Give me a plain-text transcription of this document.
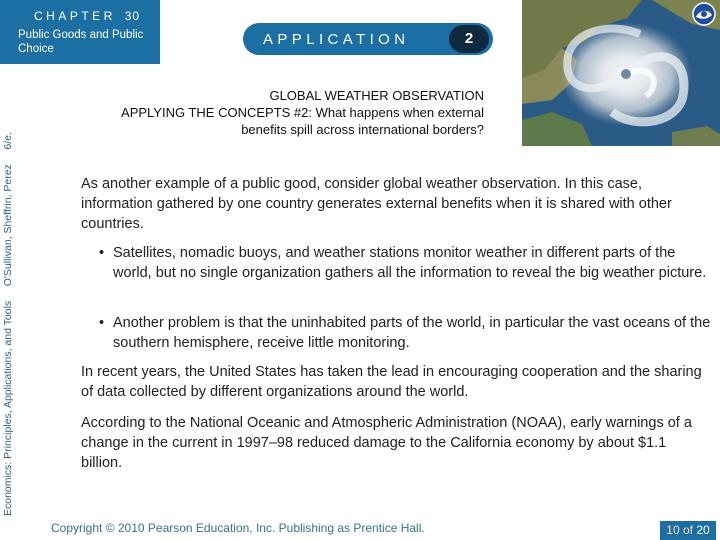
CHAPTER 30
Public Goods and Public Choice
Economics: Principles, Applications, and Tools     O'Sullivan, Sheffrin, Perez     6/e.
APPLICATION	2
GLOBAL WEATHER OBSERVATION
APPLYING THE CONCEPTS #2: What happens when external benefits spill across international borders?

As another example of a public good, consider global weather observation. In this case, information gathered by one country generates external benefits when it is shared with other countries.

• Satellites, nomadic buoys, and weather stations monitor weather in different parts of the world, but no single organization gathers all the information to reveal the big weather picture.
• Another problem is that the uninhabited parts of the world, in particular the vast oceans of the southern hemisphere, receive little monitoring.

In recent years, the United States has taken the lead in encouraging cooperation and the sharing of data collected by different organizations around the world.

According to the National Oceanic and Atmospheric Administration (NOAA), early warnings of a change in the current in 1997–98 reduced damage to the California economy by about $1.1 billion.

Copyright © 2010 Pearson Education, Inc. Publishing as Prentice Hall.	10 of 20
